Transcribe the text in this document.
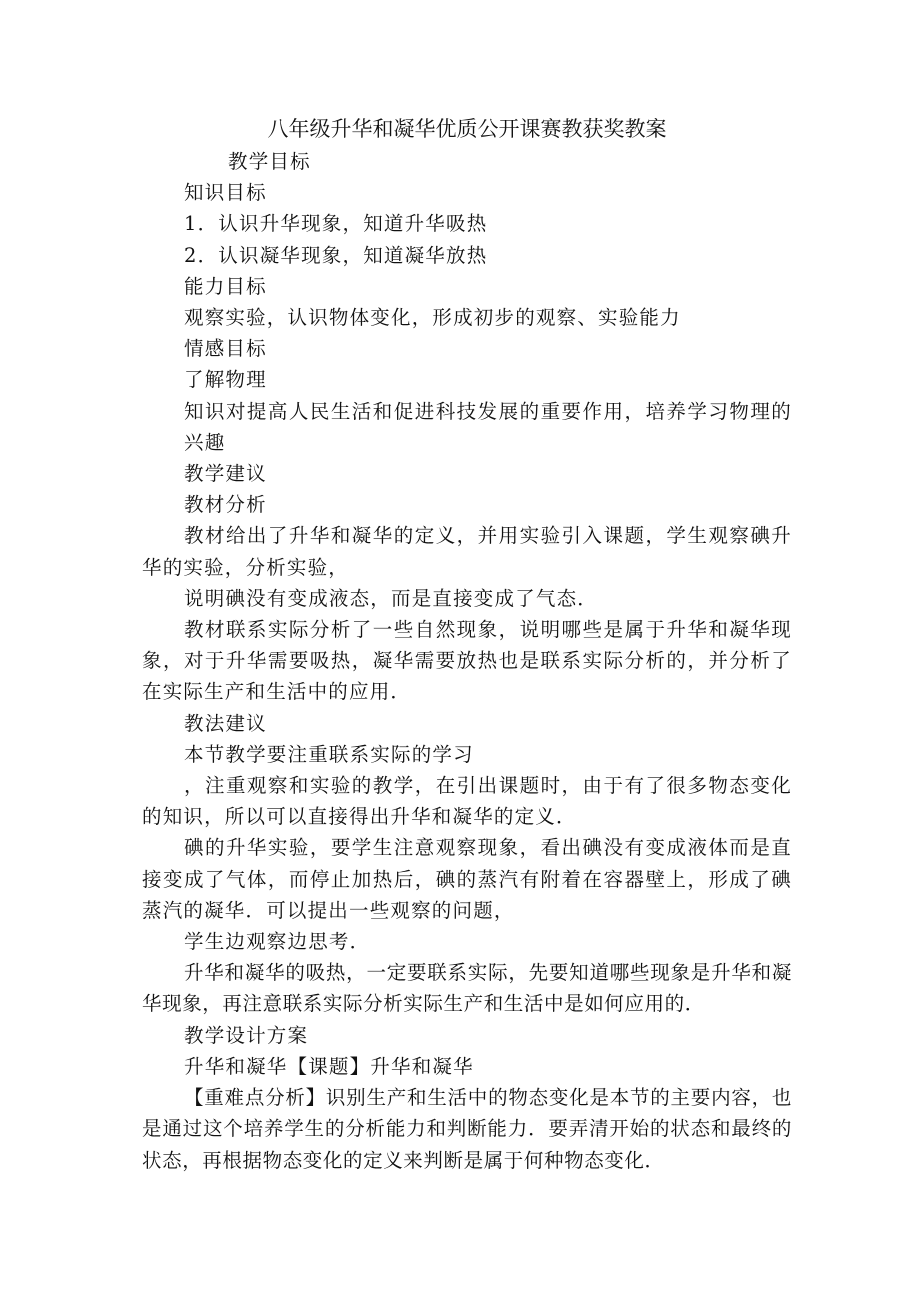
八年级升华和凝华优质公开课赛教获奖教案
教学目标
知识目标
1．认识升华现象，知道升华吸热
2．认识凝华现象，知道凝华放热
能力目标
观察实验，认识物体变化，形成初步的观察、实验能力
情感目标
了解物理
知识对提高人民生活和促进科技发展的重要作用，培养学习物理的兴趣
教学建议
教材分析
教材给出了升华和凝华的定义，并用实验引入课题，学生观察碘升华的实验，分析实验，
说明碘没有变成液态，而是直接变成了气态．
教材联系实际分析了一些自然现象，说明哪些是属于升华和凝华现象，对于升华需要吸热，凝华需要放热也是联系实际分析的，并分析了在实际生产和生活中的应用．
教法建议
本节教学要注重联系实际的学习
，注重观察和实验的教学，在引出课题时，由于有了很多物态变化的知识，所以可以直接得出升华和凝华的定义．
碘的升华实验，要学生注意观察现象，看出碘没有变成液体而是直接变成了气体，而停止加热后，碘的蒸汽有附着在容器壁上，形成了碘蒸汽的凝华．可以提出一些观察的问题，
学生边观察边思考．
升华和凝华的吸热，一定要联系实际，先要知道哪些现象是升华和凝华现象，再注意联系实际分析实际生产和生活中是如何应用的．
教学设计方案
升华和凝华【课题】升华和凝华
【重难点分析】识别生产和生活中的物态变化是本节的主要内容，也是通过这个培养学生的分析能力和判断能力．要弄清开始的状态和最终的状态，再根据物态变化的定义来判断是属于何种物态变化．
